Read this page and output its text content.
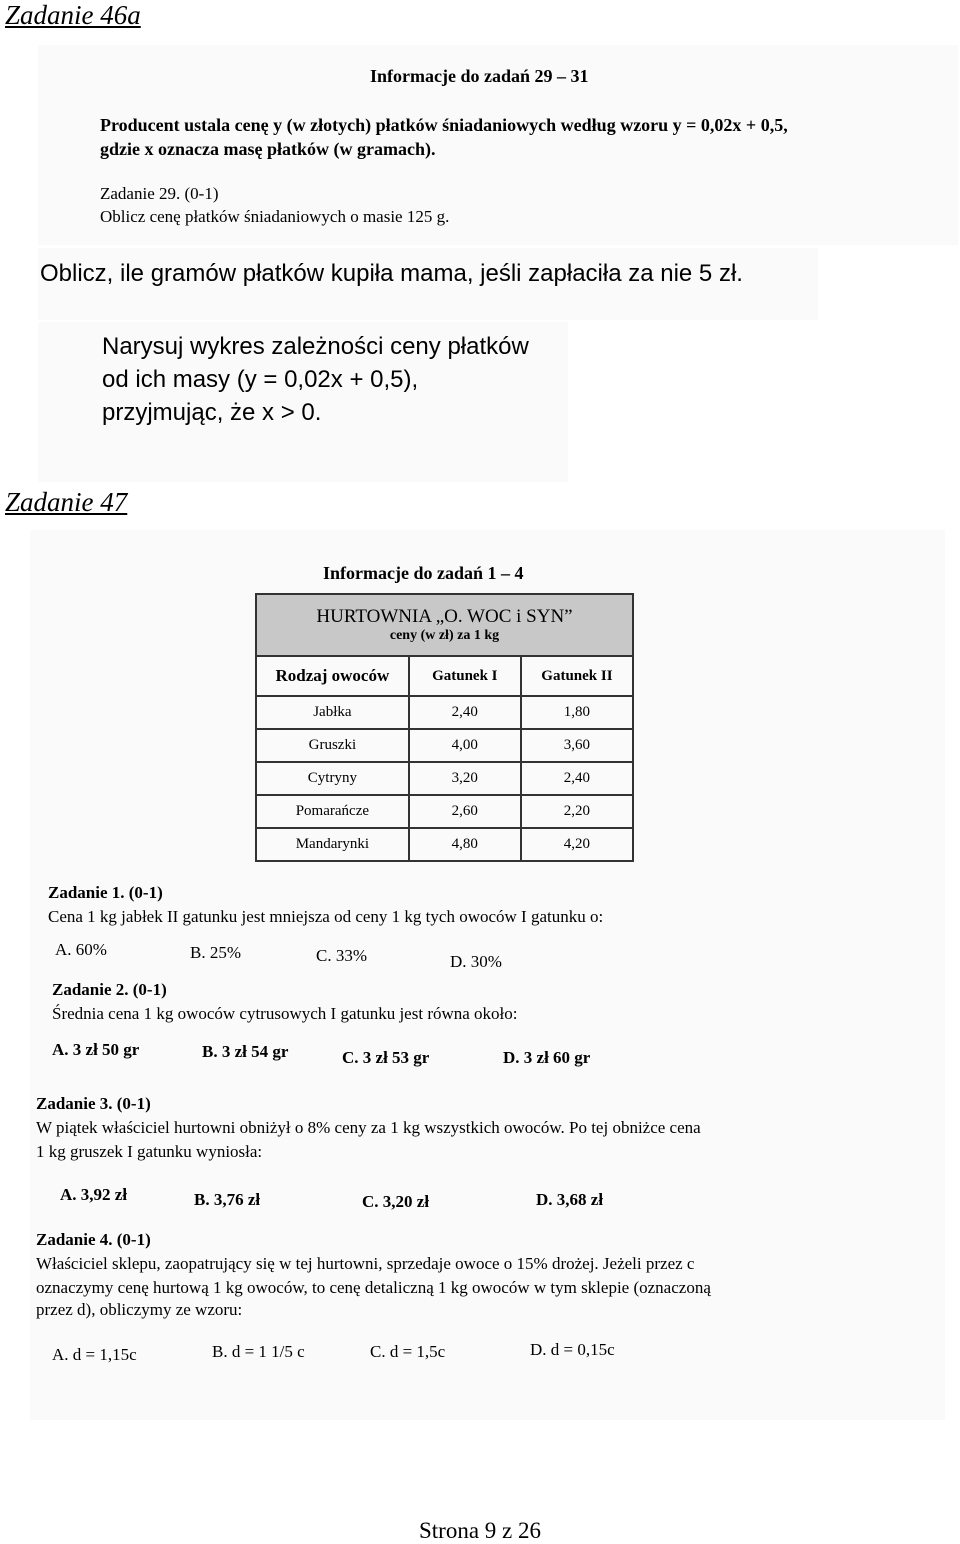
Zadanie 46a
Informacje do zadań 29 – 31
Producent ustala cenę y (w złotych) płatków śniadaniowych według wzoru y = 0,02x + 0,5,
gdzie x oznacza masę płatków (w gramach).
Zadanie 29. (0-1)
Oblicz cenę płatków śniadaniowych o masie 125 g.
Oblicz, ile gramów płatków kupiła mama, jeśli zapłaciła za nie 5 zł.
Narysuj wykres zależności ceny płatków
od ich masy (y = 0,02x + 0,5),
przyjmując, że x > 0.
Zadanie 47
Informacje do zadań 1 – 4
HURTOWNIA „O. WOC i SYN”
ceny (w zł) za 1 kg		

Rodzaj owoców	Gatunek I	Gatunek II
Jabłka	2,40	1,80
Gruszki	4,00	3,60
Cytryny	3,20	2,40
Pomarańcze	2,60	2,20
Mandarynki	4,80	4,20
Zadanie 1. (0-1)
Cena 1 kg jabłek II gatunku jest mniejsza od ceny 1 kg tych owoców I gatunku o:
A. 60%	B. 25%	C. 33%	D. 30%
Zadanie 2. (0-1)
Średnia cena 1 kg owoców cytrusowych I gatunku jest równa około:
A. 3 zł 50 gr	B. 3 zł 54 gr	C. 3 zł 53 gr	D. 3 zł 60 gr
Zadanie 3. (0-1)
W piątek właściciel hurtowni obniżył o 8% ceny za 1 kg wszystkich owoców. Po tej obniżce cena
1 kg gruszek I gatunku wyniosła:
A. 3,92 zł	B. 3,76 zł	C. 3,20 zł	D. 3,68 zł
Zadanie 4. (0-1)
Właściciel sklepu, zaopatrujący się w tej hurtowni, sprzedaje owoce o 15% drożej. Jeżeli przez c
oznaczymy cenę hurtową 1 kg owoców, to cenę detaliczną 1 kg owoców w tym sklepie (oznaczoną
przez d), obliczymy ze wzoru:
A. d = 1,15c	B. d = 1 1/5 c	C. d = 1,5c	D. d = 0,15c
Strona 9 z 26
